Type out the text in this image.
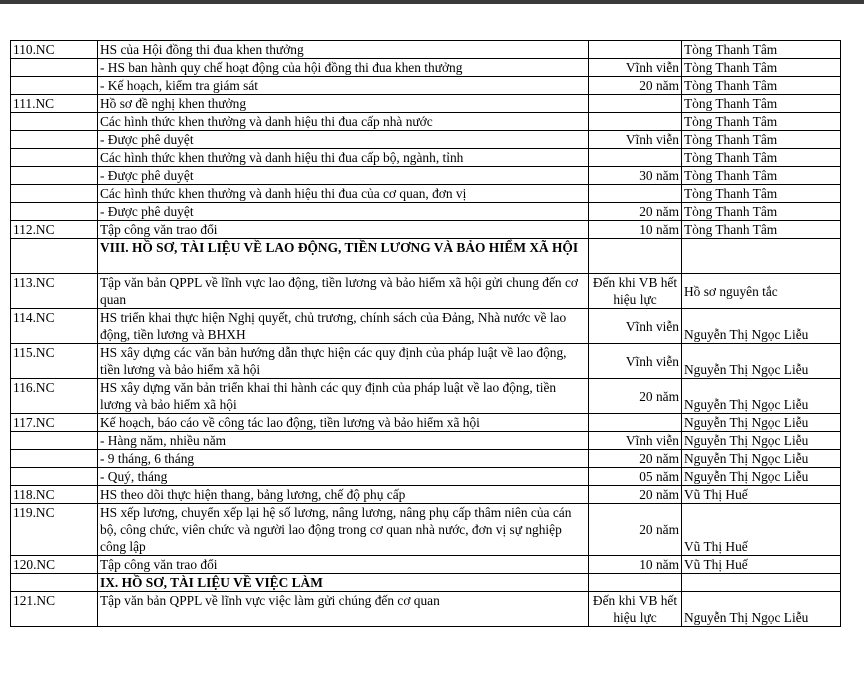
110.NC	HS của Hội đồng thi đua khen thưởng		Tòng Thanh Tâm
	- HS ban hành quy chế hoạt động của hội đồng thi đua khen thưởng	Vĩnh viễn	Tòng Thanh Tâm
	- Kế hoạch, kiểm tra giám sát	20 năm	Tòng Thanh Tâm
111.NC	Hồ sơ đề nghị khen thưởng		Tòng Thanh Tâm
	Các hình thức khen thưởng và danh hiệu thi đua cấp nhà nước		Tòng Thanh Tâm
	- Được phê duyệt	Vĩnh viễn	Tòng Thanh Tâm
	Các hình thức khen thưởng và danh hiệu thi đua cấp bộ, ngành, tỉnh		Tòng Thanh Tâm
	- Được phê duyệt	30 năm	Tòng Thanh Tâm
	Các hình thức khen thưởng và danh hiệu thi đua của cơ quan, đơn vị		Tòng Thanh Tâm
	- Được phê duyệt	20 năm	Tòng Thanh Tâm
112.NC	Tập công văn trao đổi	10 năm	Tòng Thanh Tâm
	VIII. HỒ SƠ, TÀI LIỆU VỀ LAO ĐỘNG, TIỀN LƯƠNG VÀ BẢO HIỂM XÃ HỘI		
113.NC	Tập văn bản QPPL về lĩnh vực lao động, tiền lương và bảo hiểm xã hội gửi chung đến cơ quan	Đến khi VB hết hiệu lực	Hồ sơ nguyên tắc
114.NC	HS triển khai thực hiện Nghị quyết, chủ trương, chính sách của Đảng, Nhà nước về lao động, tiền lương và BHXH	Vĩnh viễn	Nguyễn Thị Ngọc Liễu
115.NC	HS xây dựng các văn bản hướng dẫn thực hiện các quy định của pháp luật về lao động, tiền lương và bảo hiểm xã hội	Vĩnh viễn	Nguyễn Thị Ngọc Liễu
116.NC	HS xây dựng văn bản triển khai thi hành các quy định của pháp luật về lao động, tiền lương và bảo hiểm xã hội	20 năm	Nguyễn Thị Ngọc Liễu
117.NC	Kế hoạch, báo cáo về công tác lao động, tiền lương và bảo hiểm xã hội		Nguyễn Thị Ngọc Liễu
	- Hàng năm, nhiều năm	Vĩnh viễn	Nguyễn Thị Ngọc Liễu
	- 9 tháng, 6 tháng	20 năm	Nguyễn Thị Ngọc Liễu
	- Quý, tháng	05 năm	Nguyễn Thị Ngọc Liễu
118.NC	HS theo dõi thực hiện thang, bảng lương, chế độ phụ cấp	20 năm	Vũ Thị Huế
119.NC	HS xếp lương, chuyển xếp lại hệ số lương, nâng lương, nâng phụ cấp thâm niên của cán bộ, công chức, viên chức và người lao động trong cơ quan nhà nước, đơn vị sự nghiệp công lập	20 năm	Vũ Thị Huế
120.NC	Tập công văn trao đổi	10 năm	Vũ Thị Huế
	IX. HỒ SƠ, TÀI LIỆU VỀ VIỆC LÀM		
121.NC	Tập văn bản QPPL về lĩnh vực việc làm gửi chúng đến cơ quan	Đến khi VB hết hiệu lực	Nguyễn Thị Ngọc Liễu
